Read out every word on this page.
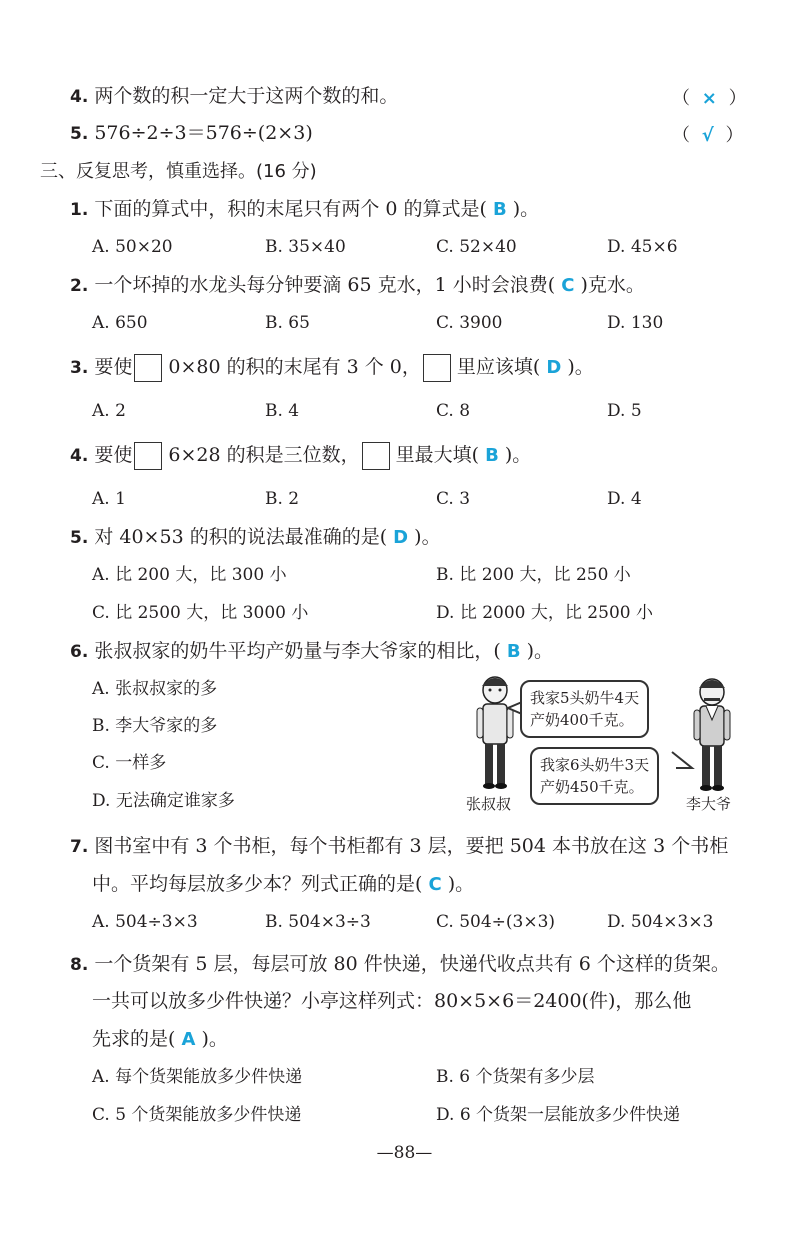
4. 两个数的积一定大于这两个数的和。	（ × ）
5. 576÷2÷3＝576÷(2×3)	（ √ ）
三、反复思考，慎重选择。(16 分)
1. 下面的算式中，积的末尾只有两个 0 的算式是( B )。
A. 50×20	B. 35×40	C. 52×40	D. 45×6
2. 一个坏掉的水龙头每分钟要滴 65 克水，1 小时会浪费( C )克水。
A. 650	B. 65	C. 3900	D. 130
3. 要使 0×80 的积的末尾有 3 个 0， 里应该填( D )。
A. 2	B. 4	C. 8	D. 5
4. 要使 6×28 的积是三位数， 里最大填( B )。
A. 1	B. 2	C. 3	D. 4
5. 对 40×53 的积的说法最准确的是( D )。
A. 比 200 大，比 300 小	B. 比 200 大，比 250 小
C. 比 2500 大，比 3000 小	D. 比 2000 大，比 2500 小
6. 张叔叔家的奶牛平均产奶量与李大爷家的相比，( B )。
A. 张叔叔家的多
B. 李大爷家的多
C. 一样多
D. 无法确定谁家多
我家5头奶牛4天
产奶400千克。
我家6头奶牛3天
产奶450千克。
张叔叔	李大爷
7. 图书室中有 3 个书柜，每个书柜都有 3 层，要把 504 本书放在这 3 个书柜
中。平均每层放多少本？列式正确的是( C )。
A. 504÷3×3	B. 504×3÷3	C. 504÷(3×3)	D. 504×3×3
8. 一个货架有 5 层，每层可放 80 件快递，快递代收点共有 6 个这样的货架。
一共可以放多少件快递？小亭这样列式：80×5×6＝2400(件)，那么他
先求的是( A )。
A. 每个货架能放多少件快递	B. 6 个货架有多少层
C. 5 个货架能放多少件快递	D. 6 个货架一层能放多少件快递
—88—
